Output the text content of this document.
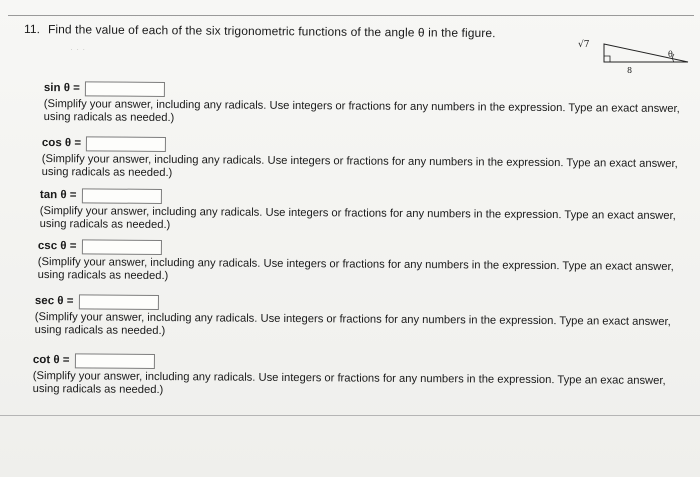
11. Find the value of each of the six trigonometric functions of the angle θ in the figure.
√7
θ
8
· · ·
sin θ =
(Simplify your answer, including any radicals. Use integers or fractions for any numbers in the expression. Type an exact answer, using radicals as needed.)
cos θ =
(Simplify your answer, including any radicals. Use integers or fractions for any numbers in the expression. Type an exact answer, using radicals as needed.)
tan θ =
(Simplify your answer, including any radicals. Use integers or fractions for any numbers in the expression. Type an exact answer, using radicals as needed.)
csc θ =
(Simplify your answer, including any radicals. Use integers or fractions for any numbers in the expression. Type an exact answer, using radicals as needed.)
sec θ =
(Simplify your answer, including any radicals. Use integers or fractions for any numbers in the expression. Type an exact answer, using radicals as needed.)
cot θ =
(Simplify your answer, including any radicals. Use integers or fractions for any numbers in the expression. Type an exac answer, using radicals as needed.)
